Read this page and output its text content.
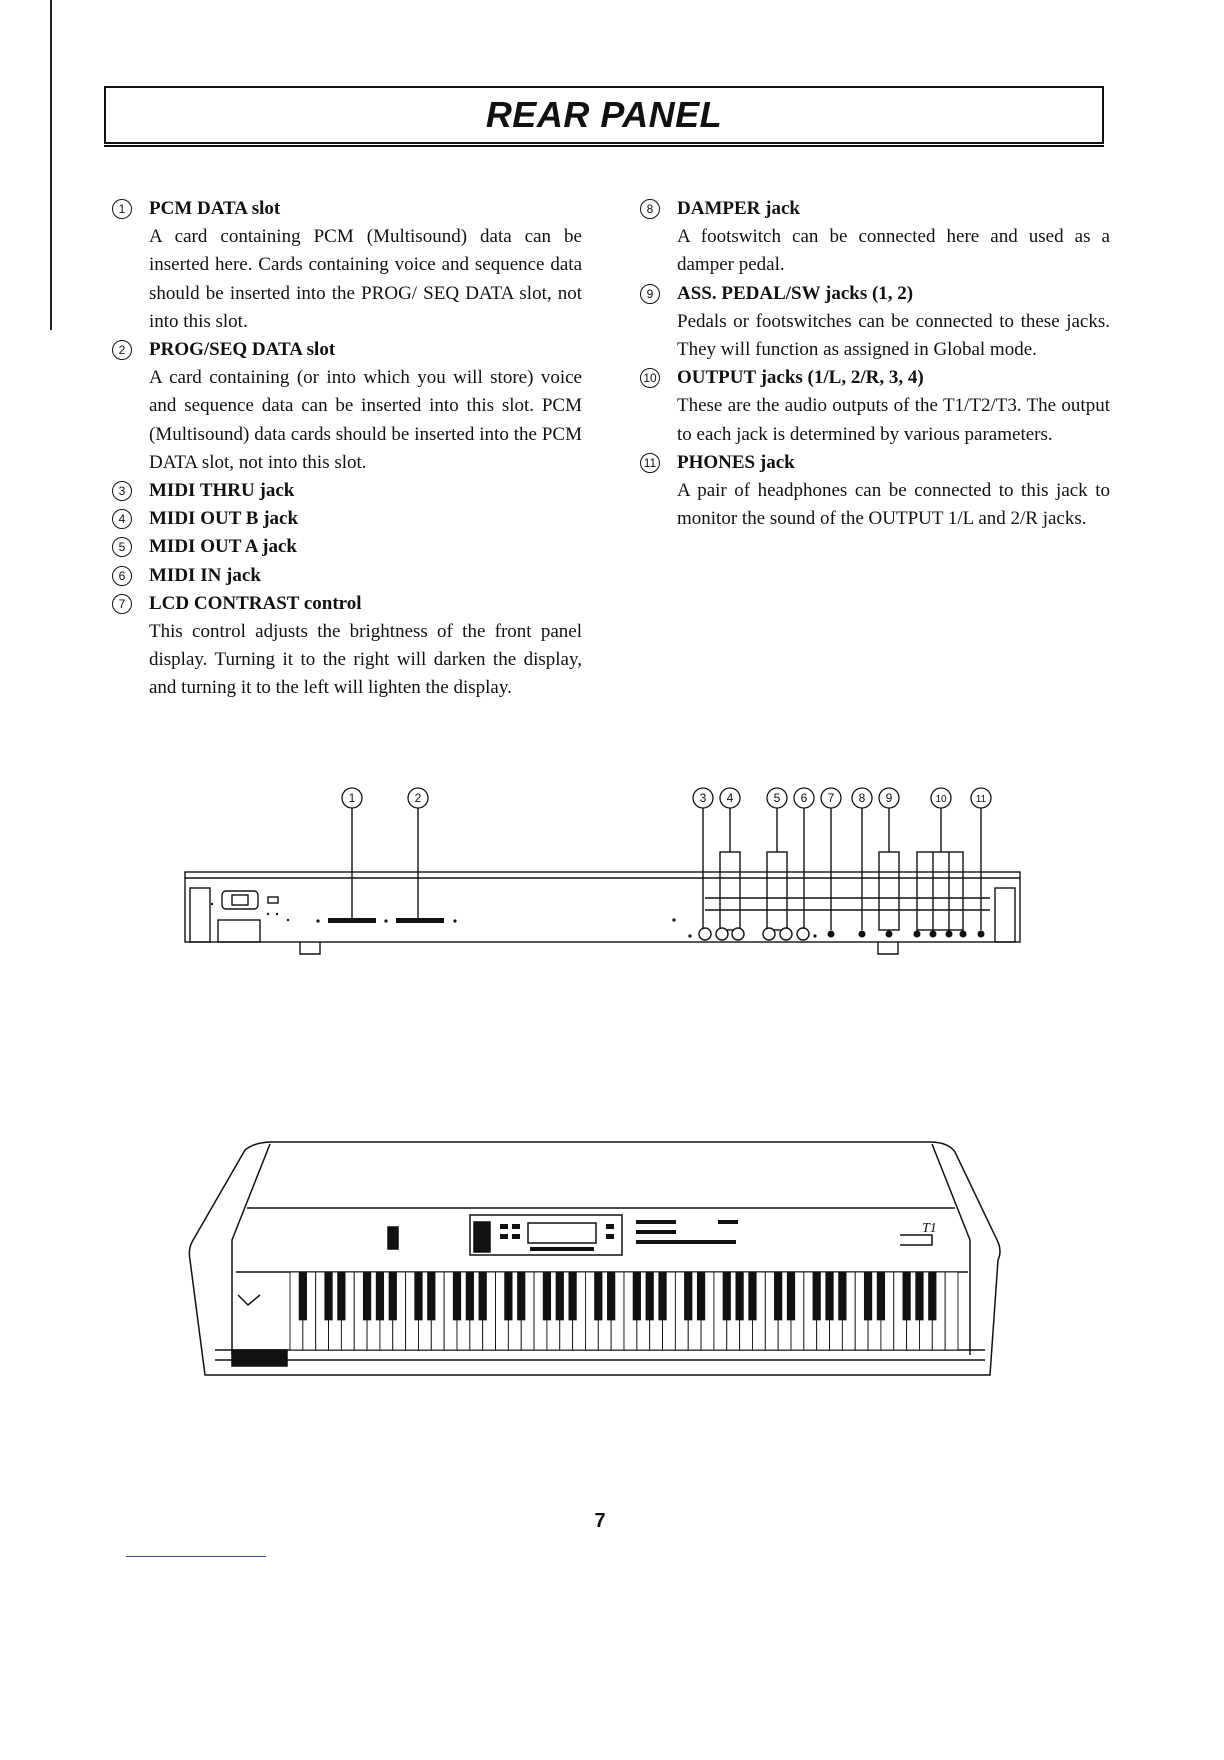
REAR PANEL
1	PCM DATA slot
A card containing PCM (Multisound) data can be inserted here. Cards containing voice and sequence data should be inserted into the PROG/ SEQ DATA slot, not into this slot.
2	PROG/SEQ DATA slot
A card containing (or into which you will store) voice and sequence data can be inserted into this slot. PCM (Multisound) data cards should be inserted into the PCM DATA slot, not into this slot.
3	MIDI THRU jack
4	MIDI OUT B jack
5	MIDI OUT A jack
6	MIDI IN jack
7	LCD CONTRAST control
This control adjusts the brightness of the front panel display. Turning it to the right will darken the display, and turning it to the left will lighten the display.
8	DAMPER jack
A footswitch can be connected here and used as a damper pedal.
9	ASS. PEDAL/SW jacks (1, 2)
Pedals or footswitches can be connected to these jacks. They will function as assigned in Global mode.
10 OUTPUT jacks (1/L, 2/R, 3, 4)
These are the audio outputs of the T1/T2/T3. The output to each jack is determined by various parameters.
11 PHONES jack
A pair of headphones can be connected to this jack to monitor the sound of the OUTPUT 1/L and 2/R jacks.
1	2	3 4	5 6 7 8 9	10	11
T1
7
